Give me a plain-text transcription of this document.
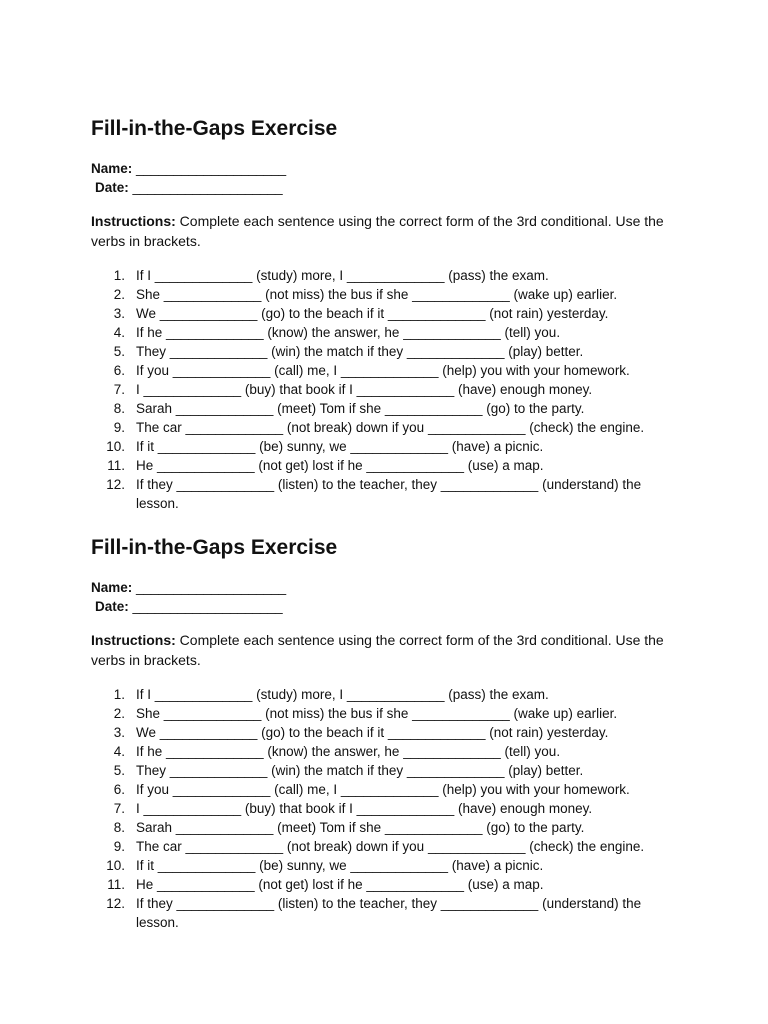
Fill-in-the-Gaps Exercise
Name: ____________________
Date: ____________________

Instructions: Complete each sentence using the correct form of the 3rd conditional. Use the verbs in brackets.

1. If I _____________ (study) more, I _____________ (pass) the exam.
2. She _____________ (not miss) the bus if she _____________ (wake up) earlier.
3. We _____________ (go) to the beach if it _____________ (not rain) yesterday.
4. If he _____________ (know) the answer, he _____________ (tell) you.
5. They _____________ (win) the match if they _____________ (play) better.
6. If you _____________ (call) me, I _____________ (help) you with your homework.
7. I _____________ (buy) that book if I _____________ (have) enough money.
8. Sarah _____________ (meet) Tom if she _____________ (go) to the party.
9. The car _____________ (not break) down if you _____________ (check) the engine.
10. If it _____________ (be) sunny, we _____________ (have) a picnic.
11. He _____________ (not get) lost if he _____________ (use) a map.
12. If they _____________ (listen) to the teacher, they _____________ (understand) the lesson.
Fill-in-the-Gaps Exercise
Name: ____________________
Date: ____________________

Instructions: Complete each sentence using the correct form of the 3rd conditional. Use the verbs in brackets.

1. If I _____________ (study) more, I _____________ (pass) the exam.
2. She _____________ (not miss) the bus if she _____________ (wake up) earlier.
3. We _____________ (go) to the beach if it _____________ (not rain) yesterday.
4. If he _____________ (know) the answer, he _____________ (tell) you.
5. They _____________ (win) the match if they _____________ (play) better.
6. If you _____________ (call) me, I _____________ (help) you with your homework.
7. I _____________ (buy) that book if I _____________ (have) enough money.
8. Sarah _____________ (meet) Tom if she _____________ (go) to the party.
9. The car _____________ (not break) down if you _____________ (check) the engine.
10. If it _____________ (be) sunny, we _____________ (have) a picnic.
11. He _____________ (not get) lost if he _____________ (use) a map.
12. If they _____________ (listen) to the teacher, they _____________ (understand) the lesson.
